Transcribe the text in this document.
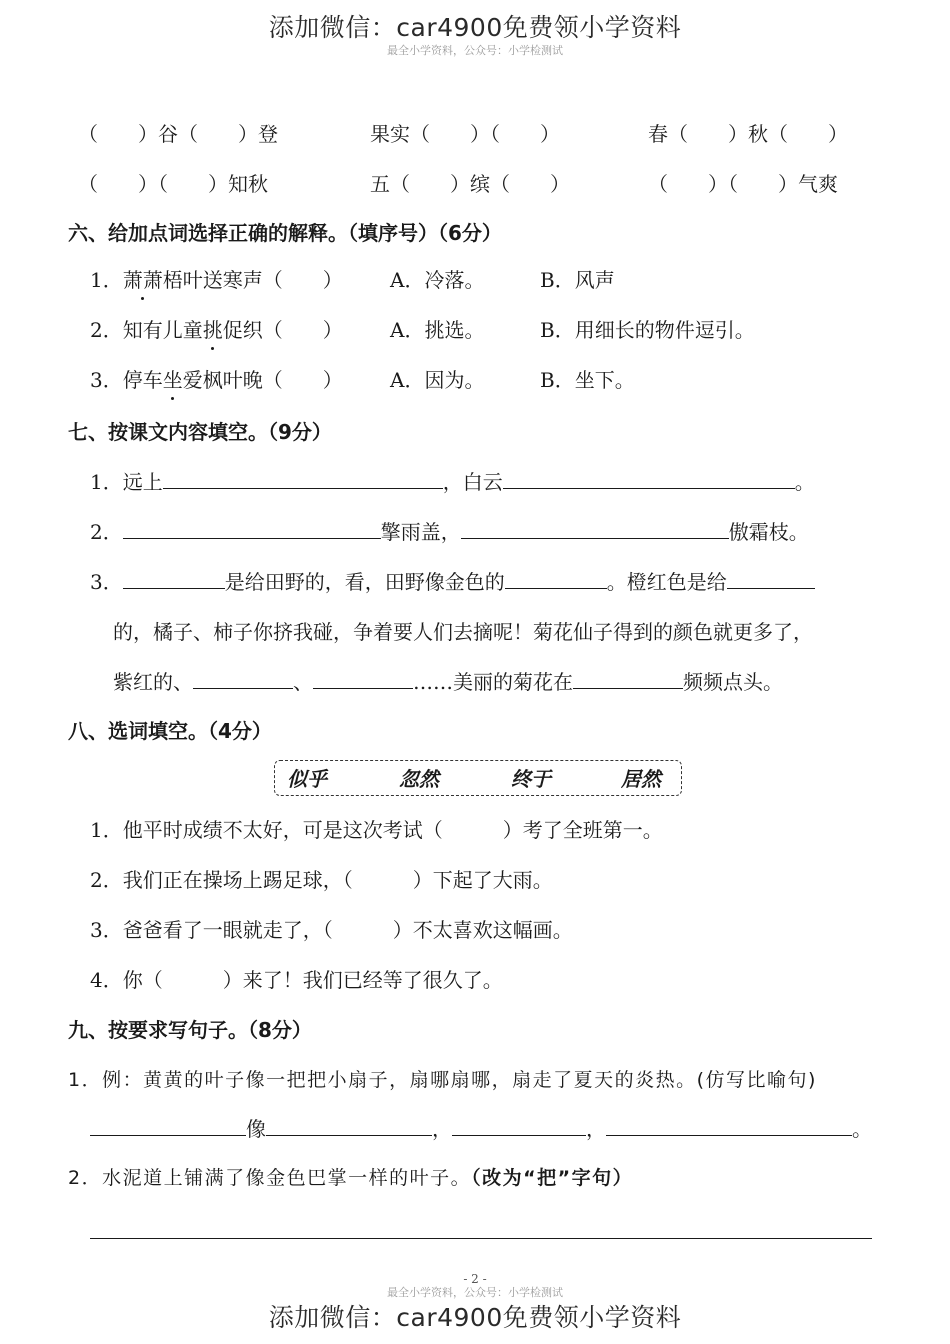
添加微信：car4900免费领小学资料
最全小学资料，公众号：小学检测试
（　　）谷（　　）登	果实（　　）（　　）	春（　　）秋（　　）
（　　）（　　）知秋	五（　　）缤（　　）	（　　）（　　）气爽
六、给加点词选择正确的解释。（填序号）（6分）
1．萧萧梧叶送寒声（　　） A．冷落。	B．风声
2．知有儿童挑促织（　　） A．挑选。	B．用细长的物件逗引。
3．停车坐爱枫叶晚（　　） A．因为。	B．坐下。
七、按课文内容填空。（9分）
1．远上	，白云	。
2．	擎雨盖，	傲霜枝。
3．	是给田野的，看，田野像金色的	。橙红色是给
的，橘子、柿子你挤我碰，争着要人们去摘呢！菊花仙子得到的颜色就更多了，
紫红的、	、	……美丽的菊花在	频频点头。
八、选词填空。（4分）
似乎	忽然	终于	居然
1．他平时成绩不太好，可是这次考试（　　　）考了全班第一。
2．我们正在操场上踢足球，（　　　）下起了大雨。
3．爸爸看了一眼就走了，（　　　）不太喜欢这幅画。
4．你（　　　）来了！我们已经等了很久了。
九、按要求写句子。（8分）
1．例：黄黄的叶子像一把把小扇子，扇哪扇哪，扇走了夏天的炎热。(仿写比喻句)
像	，	，	。
2．水泥道上铺满了像金色巴掌一样的叶子。（改为“把”字句）
- 2 -
最全小学资料，公众号：小学检测试
添加微信：car4900免费领小学资料
